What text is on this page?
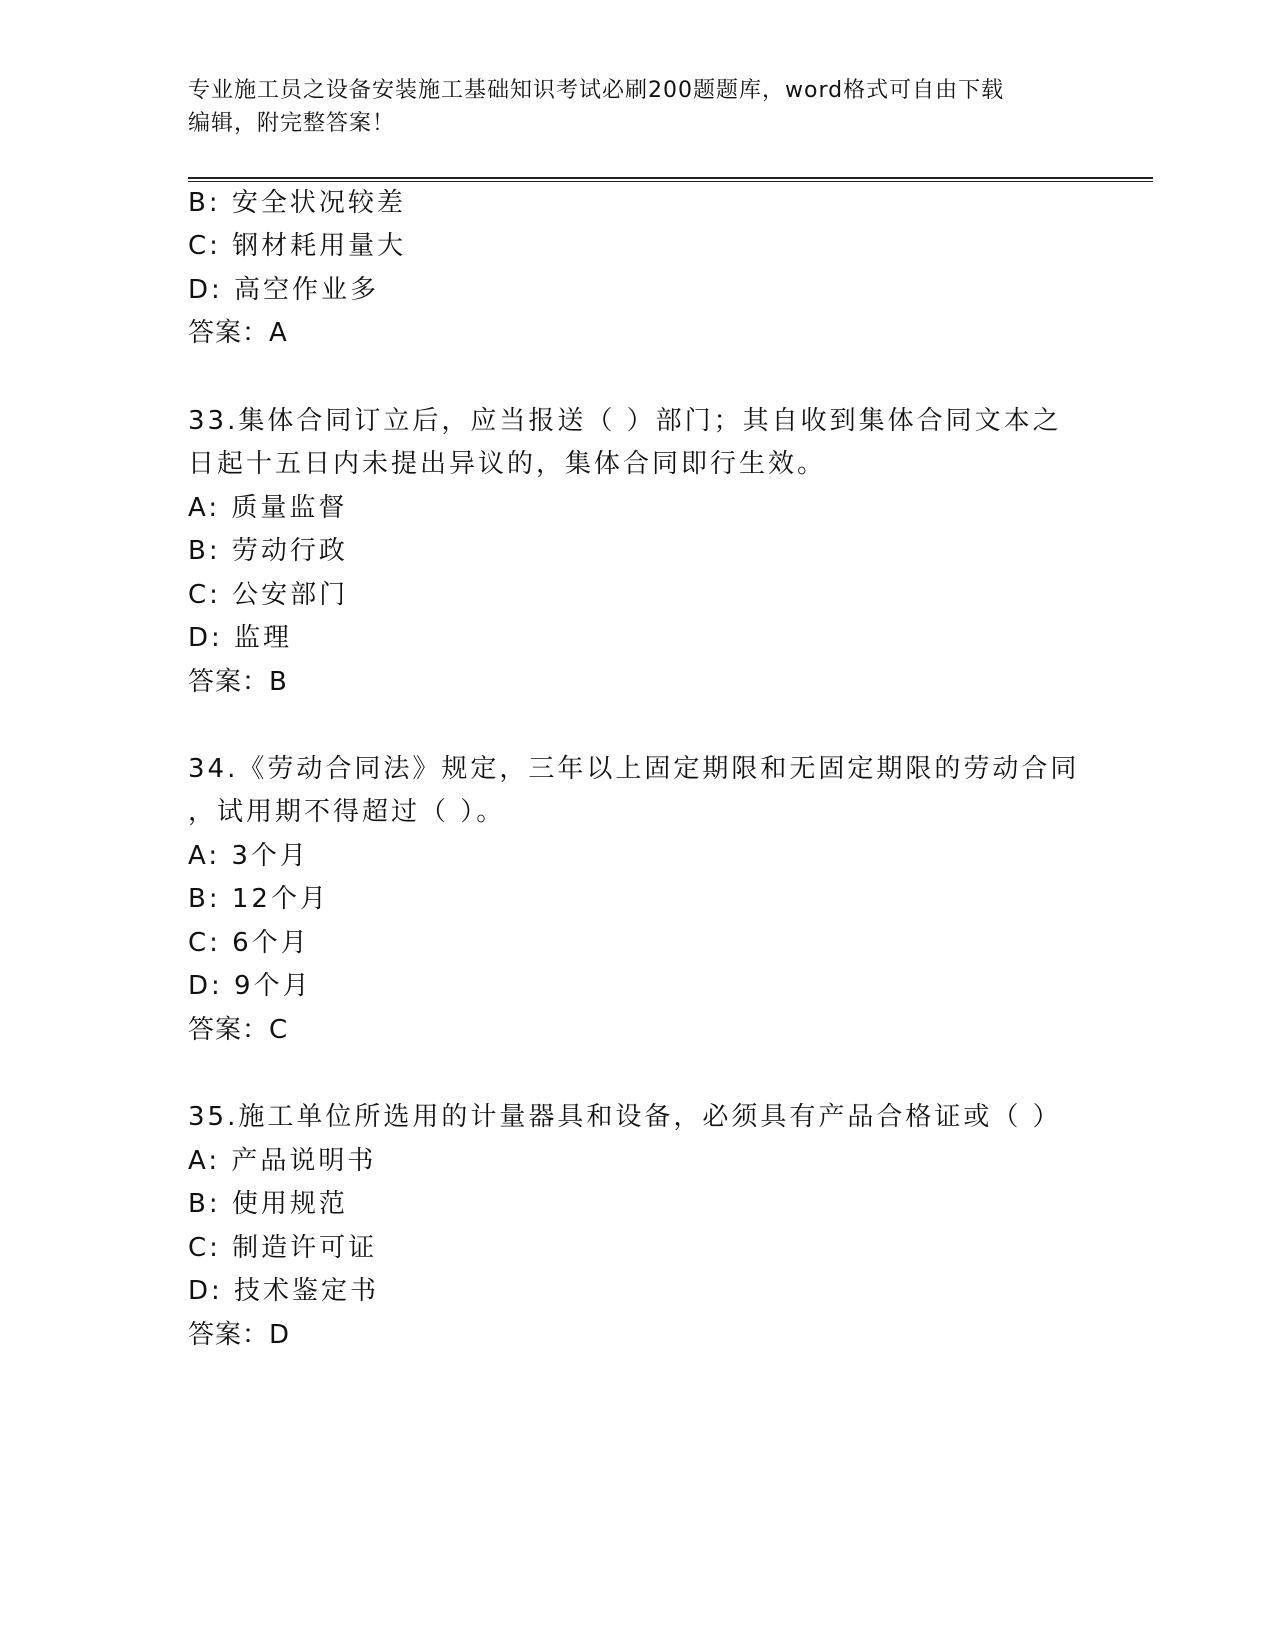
专业施工员之设备安装施工基础知识考试必刷200题题库，word格式可自由下载
编辑，附完整答案！
B: 安全状况较差
C: 钢材耗用量大
D: 高空作业多
答案：A
33.集体合同订立后，应当报送（ ）部门；其自收到集体合同文本之
日起十五日内未提出异议的，集体合同即行生效。
A: 质量监督
B: 劳动行政
C: 公安部门
D: 监理
答案：B
34.《劳动合同法》规定，三年以上固定期限和无固定期限的劳动合同
，试用期不得超过（ ）。
A: 3个月
B: 12个月
C: 6个月
D: 9个月
答案：C
35.施工单位所选用的计量器具和设备，必须具有产品合格证或（ ）
A: 产品说明书
B: 使用规范
C: 制造许可证
D: 技术鉴定书
答案：D
